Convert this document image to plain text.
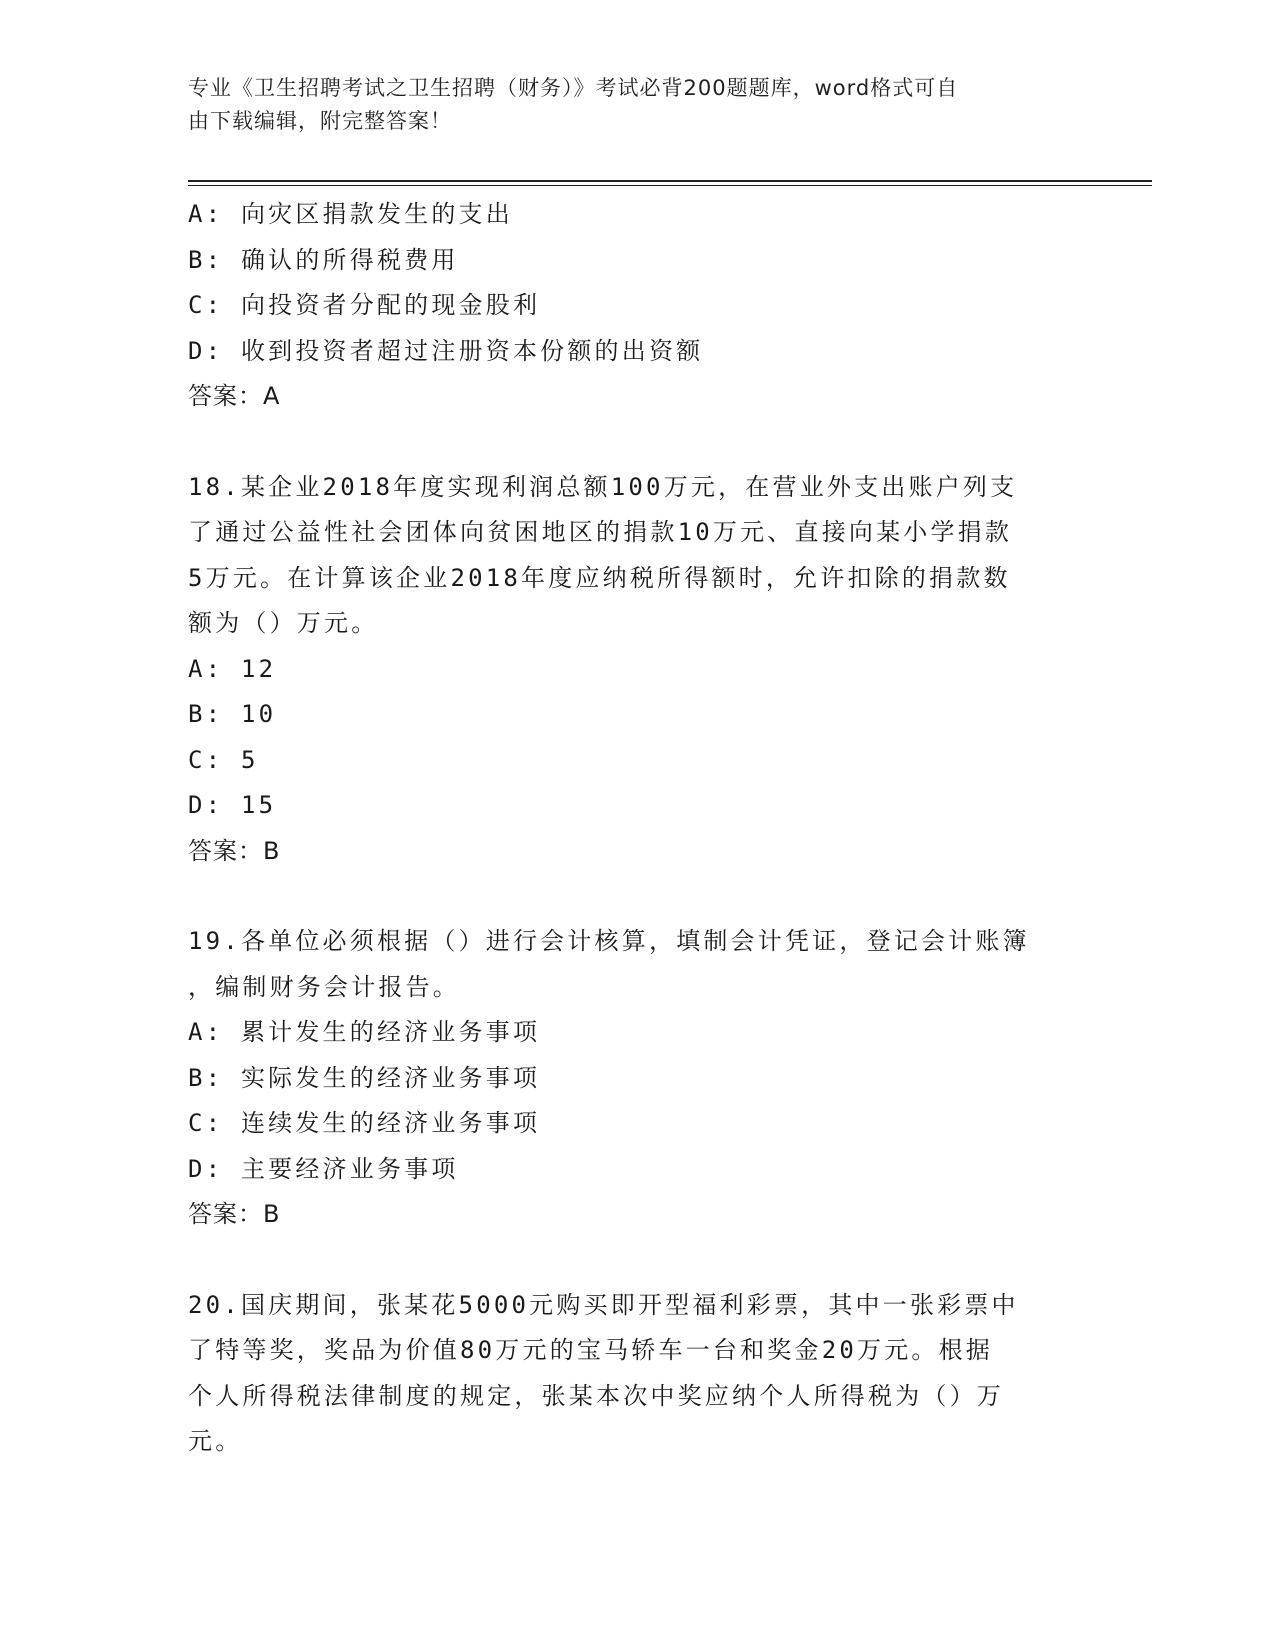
专业《卫生招聘考试之卫生招聘（财务）》考试必背200题题库，word格式可自
由下载编辑，附完整答案！
A: 向灾区捐款发生的支出
B: 确认的所得税费用
C: 向投资者分配的现金股利
D: 收到投资者超过注册资本份额的出资额
答案：A
18.某企业2018年度实现利润总额100万元，在营业外支出账户列支
了通过公益性社会团体向贫困地区的捐款10万元、直接向某小学捐款
5万元。在计算该企业2018年度应纳税所得额时，允许扣除的捐款数
额为（）万元。
A: 12
B: 10
C: 5
D: 15
答案：B
19.各单位必须根据（）进行会计核算，填制会计凭证，登记会计账簿
，编制财务会计报告。
A: 累计发生的经济业务事项
B: 实际发生的经济业务事项
C: 连续发生的经济业务事项
D: 主要经济业务事项
答案：B
20.国庆期间，张某花5000元购买即开型福利彩票，其中一张彩票中
了特等奖，奖品为价值80万元的宝马轿车一台和奖金20万元。根据
个人所得税法律制度的规定，张某本次中奖应纳个人所得税为（）万
元。
